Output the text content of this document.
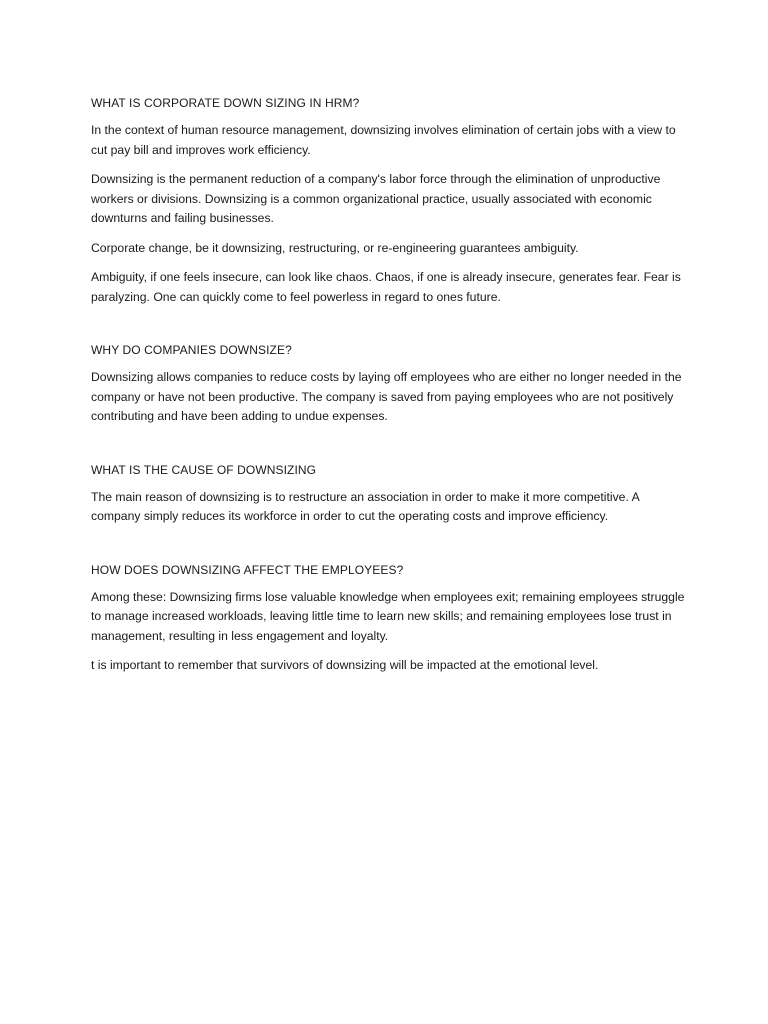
WHAT IS CORPORATE DOWN SIZING IN HRM?

In the context of human resource management, downsizing involves elimination of certain jobs with a view to cut pay bill and improves work efficiency.

Downsizing is the permanent reduction of a company's labor force through the elimination of unproductive workers or divisions. Downsizing is a common organizational practice, usually associated with economic downturns and failing businesses.

Corporate change, be it downsizing, restructuring, or re-engineering guarantees ambiguity.

Ambiguity, if one feels insecure, can look like chaos. Chaos, if one is already insecure, generates fear. Fear is paralyzing. One can quickly come to feel powerless in regard to ones future.

WHY DO COMPANIES DOWNSIZE?

Downsizing allows companies to reduce costs by laying off employees who are either no longer needed in the company or have not been productive. The company is saved from paying employees who are not positively contributing and have been adding to undue expenses.

WHAT IS THE CAUSE OF DOWNSIZING

The main reason of downsizing is to restructure an association in order to make it more competitive. A company simply reduces its workforce in order to cut the operating costs and improve efficiency.

HOW DOES DOWNSIZING AFFECT THE EMPLOYEES?

Among these: Downsizing firms lose valuable knowledge when employees exit; remaining employees struggle to manage increased workloads, leaving little time to learn new skills; and remaining employees lose trust in management, resulting in less engagement and loyalty.

t is important to remember that survivors of downsizing will be impacted at the emotional level.
